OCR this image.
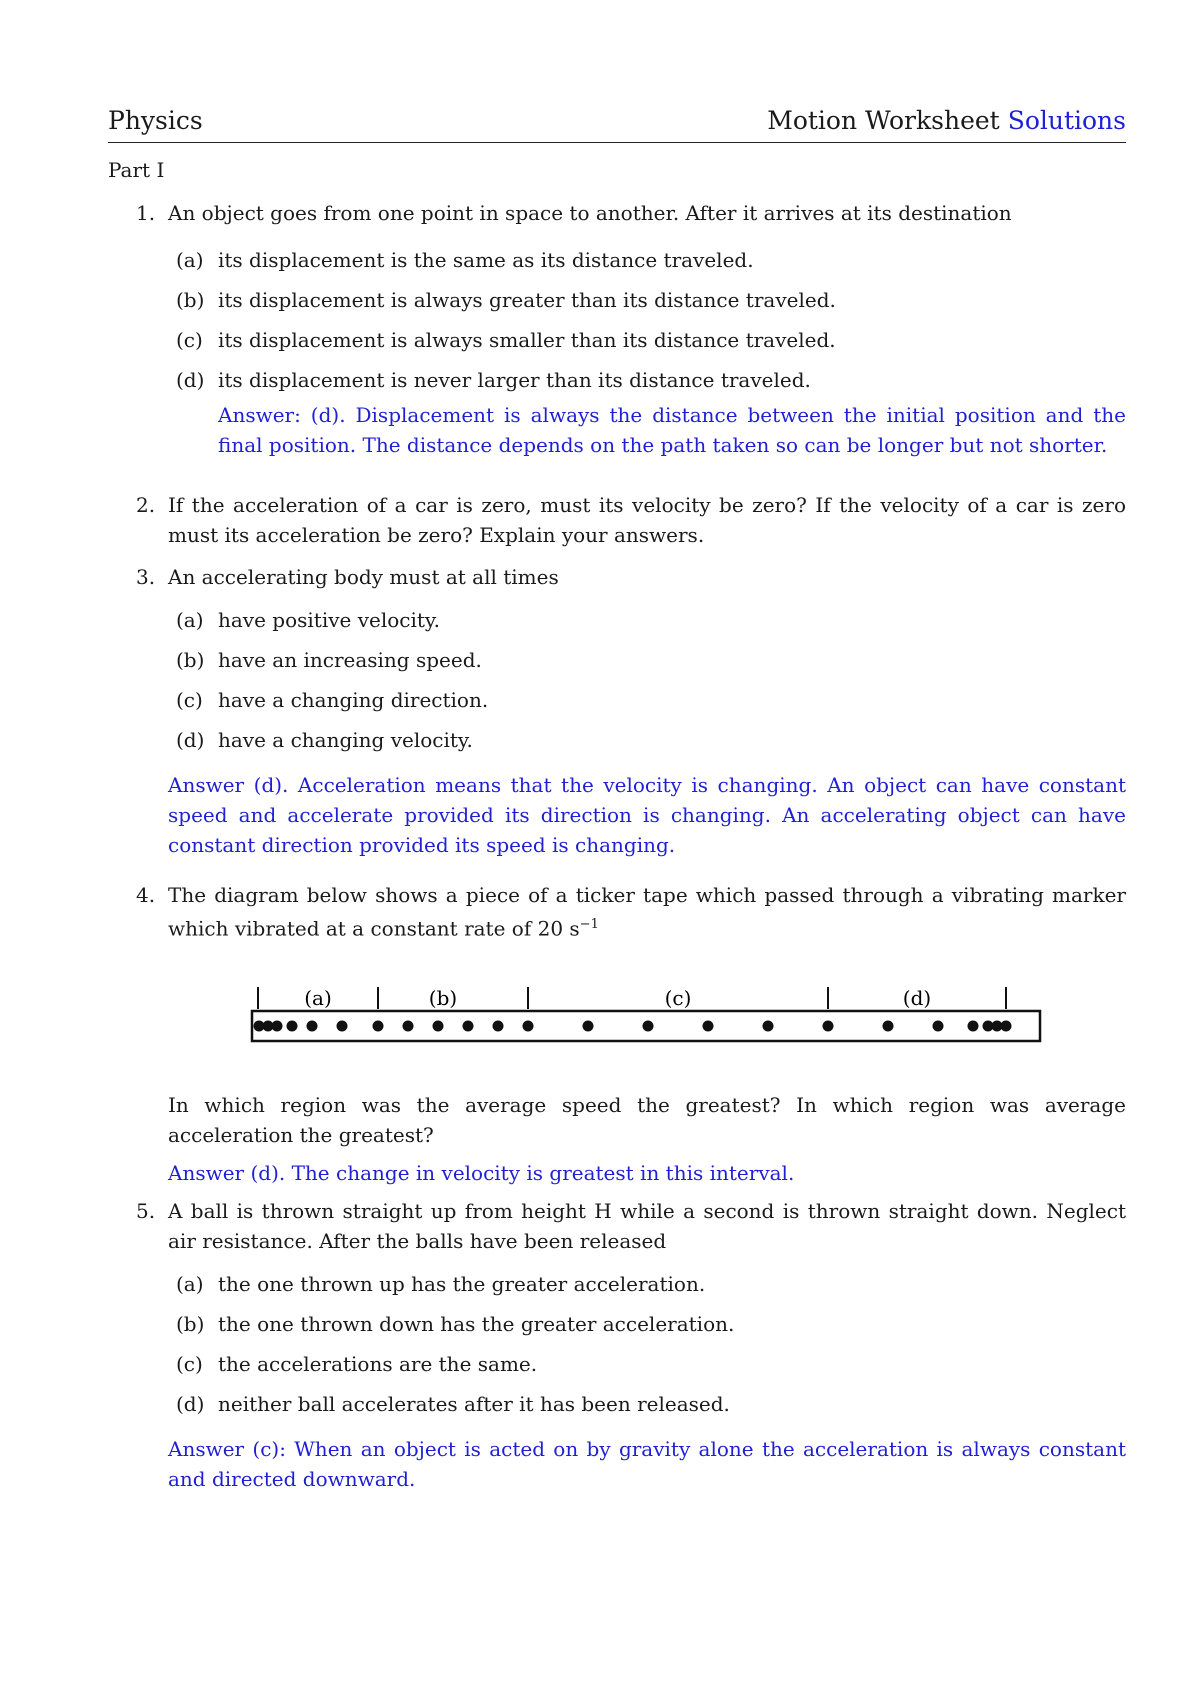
Physics	Motion Worksheet Solutions
Part I
1. An object goes from one point in space to another. After it arrives at its destination
(a) its displacement is the same as its distance traveled.
(b) its displacement is always greater than its distance traveled.
(c) its displacement is always smaller than its distance traveled.
(d) its displacement is never larger than its distance traveled.
Answer: (d). Displacement is always the distance between the initial position and the final position. The distance depends on the path taken so can be longer but not shorter.
2. If the acceleration of a car is zero, must its velocity be zero? If the velocity of a car is zero must its acceleration be zero? Explain your answers.
3. An accelerating body must at all times
(a) have positive velocity.
(b) have an increasing speed.
(c) have a changing direction.
(d) have a changing velocity.
Answer (d). Acceleration means that the velocity is changing. An object can have constant speed and accelerate provided its direction is changing. An accelerating object can have constant direction provided its speed is changing.
4. The diagram below shows a piece of a ticker tape which passed through a vibrating marker which vibrated at a constant rate of 20 $s^{-1}$
(a)	(b)	(c)	(d)
In which region was the average speed the greatest? In which region was average acceleration the greatest?
Answer (d). The change in velocity is greatest in this interval.
5. A ball is thrown straight up from height H while a second is thrown straight down. Neglect air resistance. After the balls have been released
(a) the one thrown up has the greater acceleration.
(b) the one thrown down has the greater acceleration.
(c) the accelerations are the same.
(d) neither ball accelerates after it has been released.
Answer (c): When an object is acted on by gravity alone the acceleration is always constant and directed downward.
